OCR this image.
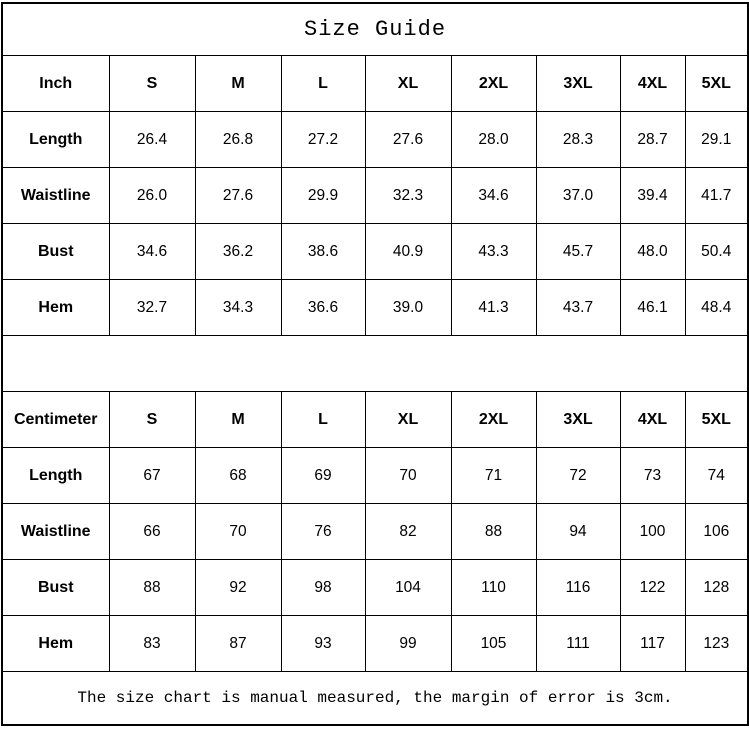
Size Guide								
Inch	S	M	L	XL	2XL	3XL	4XL	5XL
Length	26.4	26.8	27.2	27.6	28.0	28.3	28.7	29.1
Waistline	26.0	27.6	29.9	32.3	34.6	37.0	39.4	41.7
Bust	34.6	36.2	38.6	40.9	43.3	45.7	48.0	50.4
Hem	32.7	34.3	36.6	39.0	41.3	43.7	46.1	48.4

Centimeter	S	M	L	XL	2XL	3XL	4XL	5XL
Length	67	68	69	70	71	72	73	74
Waistline	66	70	76	82	88	94	100	106
Bust	88	92	98	104	110	116	122	128
Hem	83	87	93	99	105	111	117	123
The size chart is manual measured, the margin of error is 3cm.								
